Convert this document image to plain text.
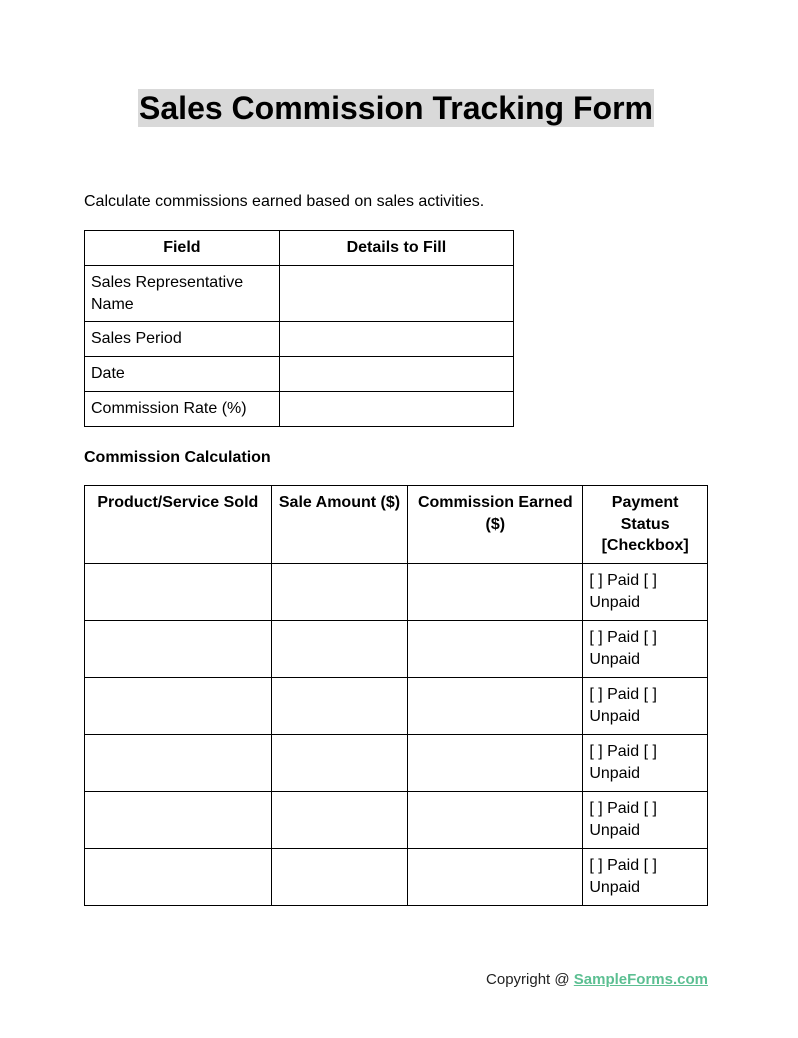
Sales Commission Tracking Form
Calculate commissions earned based on sales activities.
Field	Details to Fill
Sales Representative Name	
Sales Period	
Date	
Commission Rate (%)	
Commission Calculation
Product/Service Sold	Sale Amount ($)	Commission Earned ($)	Payment Status [Checkbox]
			[ ] Paid [ ] Unpaid
			[ ] Paid [ ] Unpaid
			[ ] Paid [ ] Unpaid
			[ ] Paid [ ] Unpaid
			[ ] Paid [ ] Unpaid
			[ ] Paid [ ] Unpaid
Copyright @ SampleForms.com
